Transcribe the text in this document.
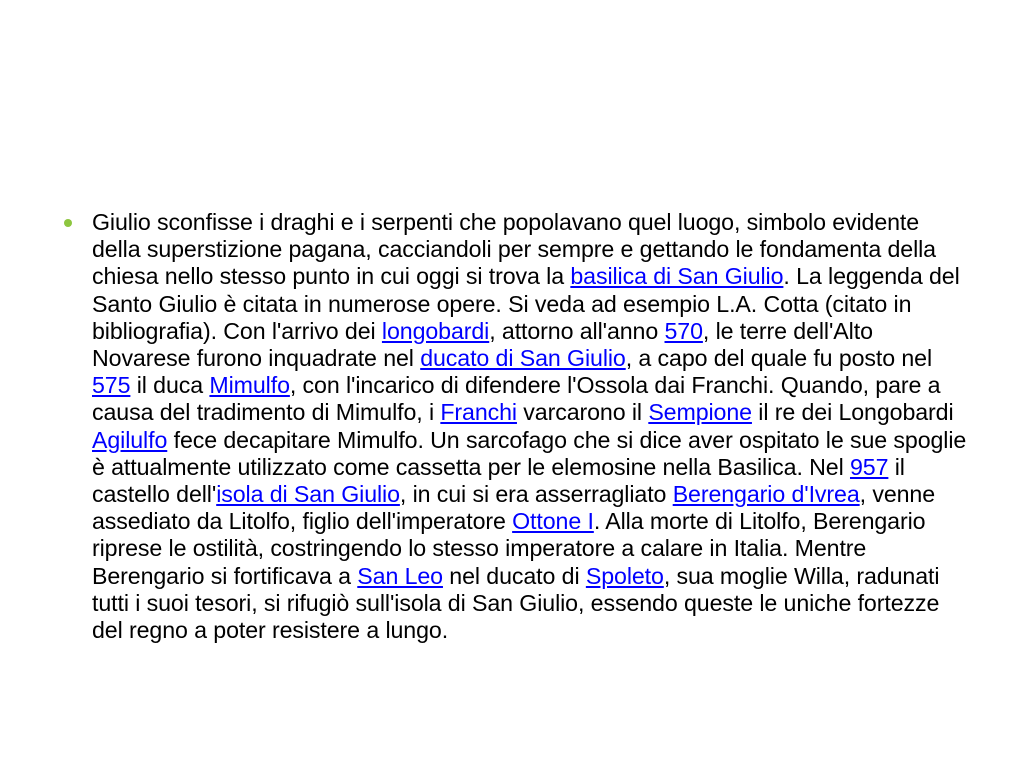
Giulio sconfisse i draghi e i serpenti che popolavano quel luogo, simbolo evidente della superstizione pagana, cacciandoli per sempre e gettando le fondamenta della chiesa nello stesso punto in cui oggi si trova la basilica di San Giulio. La leggenda del Santo Giulio è citata in numerose opere. Si veda ad esempio L.A. Cotta (citato in bibliografia). Con l'arrivo dei longobardi, attorno all'anno 570, le terre dell'Alto Novarese furono inquadrate nel ducato di San Giulio, a capo del quale fu posto nel 575 il duca Mimulfo, con l'incarico di difendere l'Ossola dai Franchi. Quando, pare a causa del tradimento di Mimulfo, i Franchi varcarono il Sempione il re dei Longobardi Agilulfo fece decapitare Mimulfo. Un sarcofago che si dice aver ospitato le sue spoglie è attualmente utilizzato come cassetta per le elemosine nella Basilica. Nel 957 il castello dell'isola di San Giulio, in cui si era asserragliato Berengario d'Ivrea, venne assediato da Litolfo, figlio dell'imperatore Ottone I. Alla morte di Litolfo, Berengario riprese le ostilità, costringendo lo stesso imperatore a calare in Italia. Mentre Berengario si fortificava a San Leo nel ducato di Spoleto, sua moglie Willa, radunati tutti i suoi tesori, si rifugiò sull'isola di San Giulio, essendo queste le uniche fortezze del regno a poter resistere a lungo.
